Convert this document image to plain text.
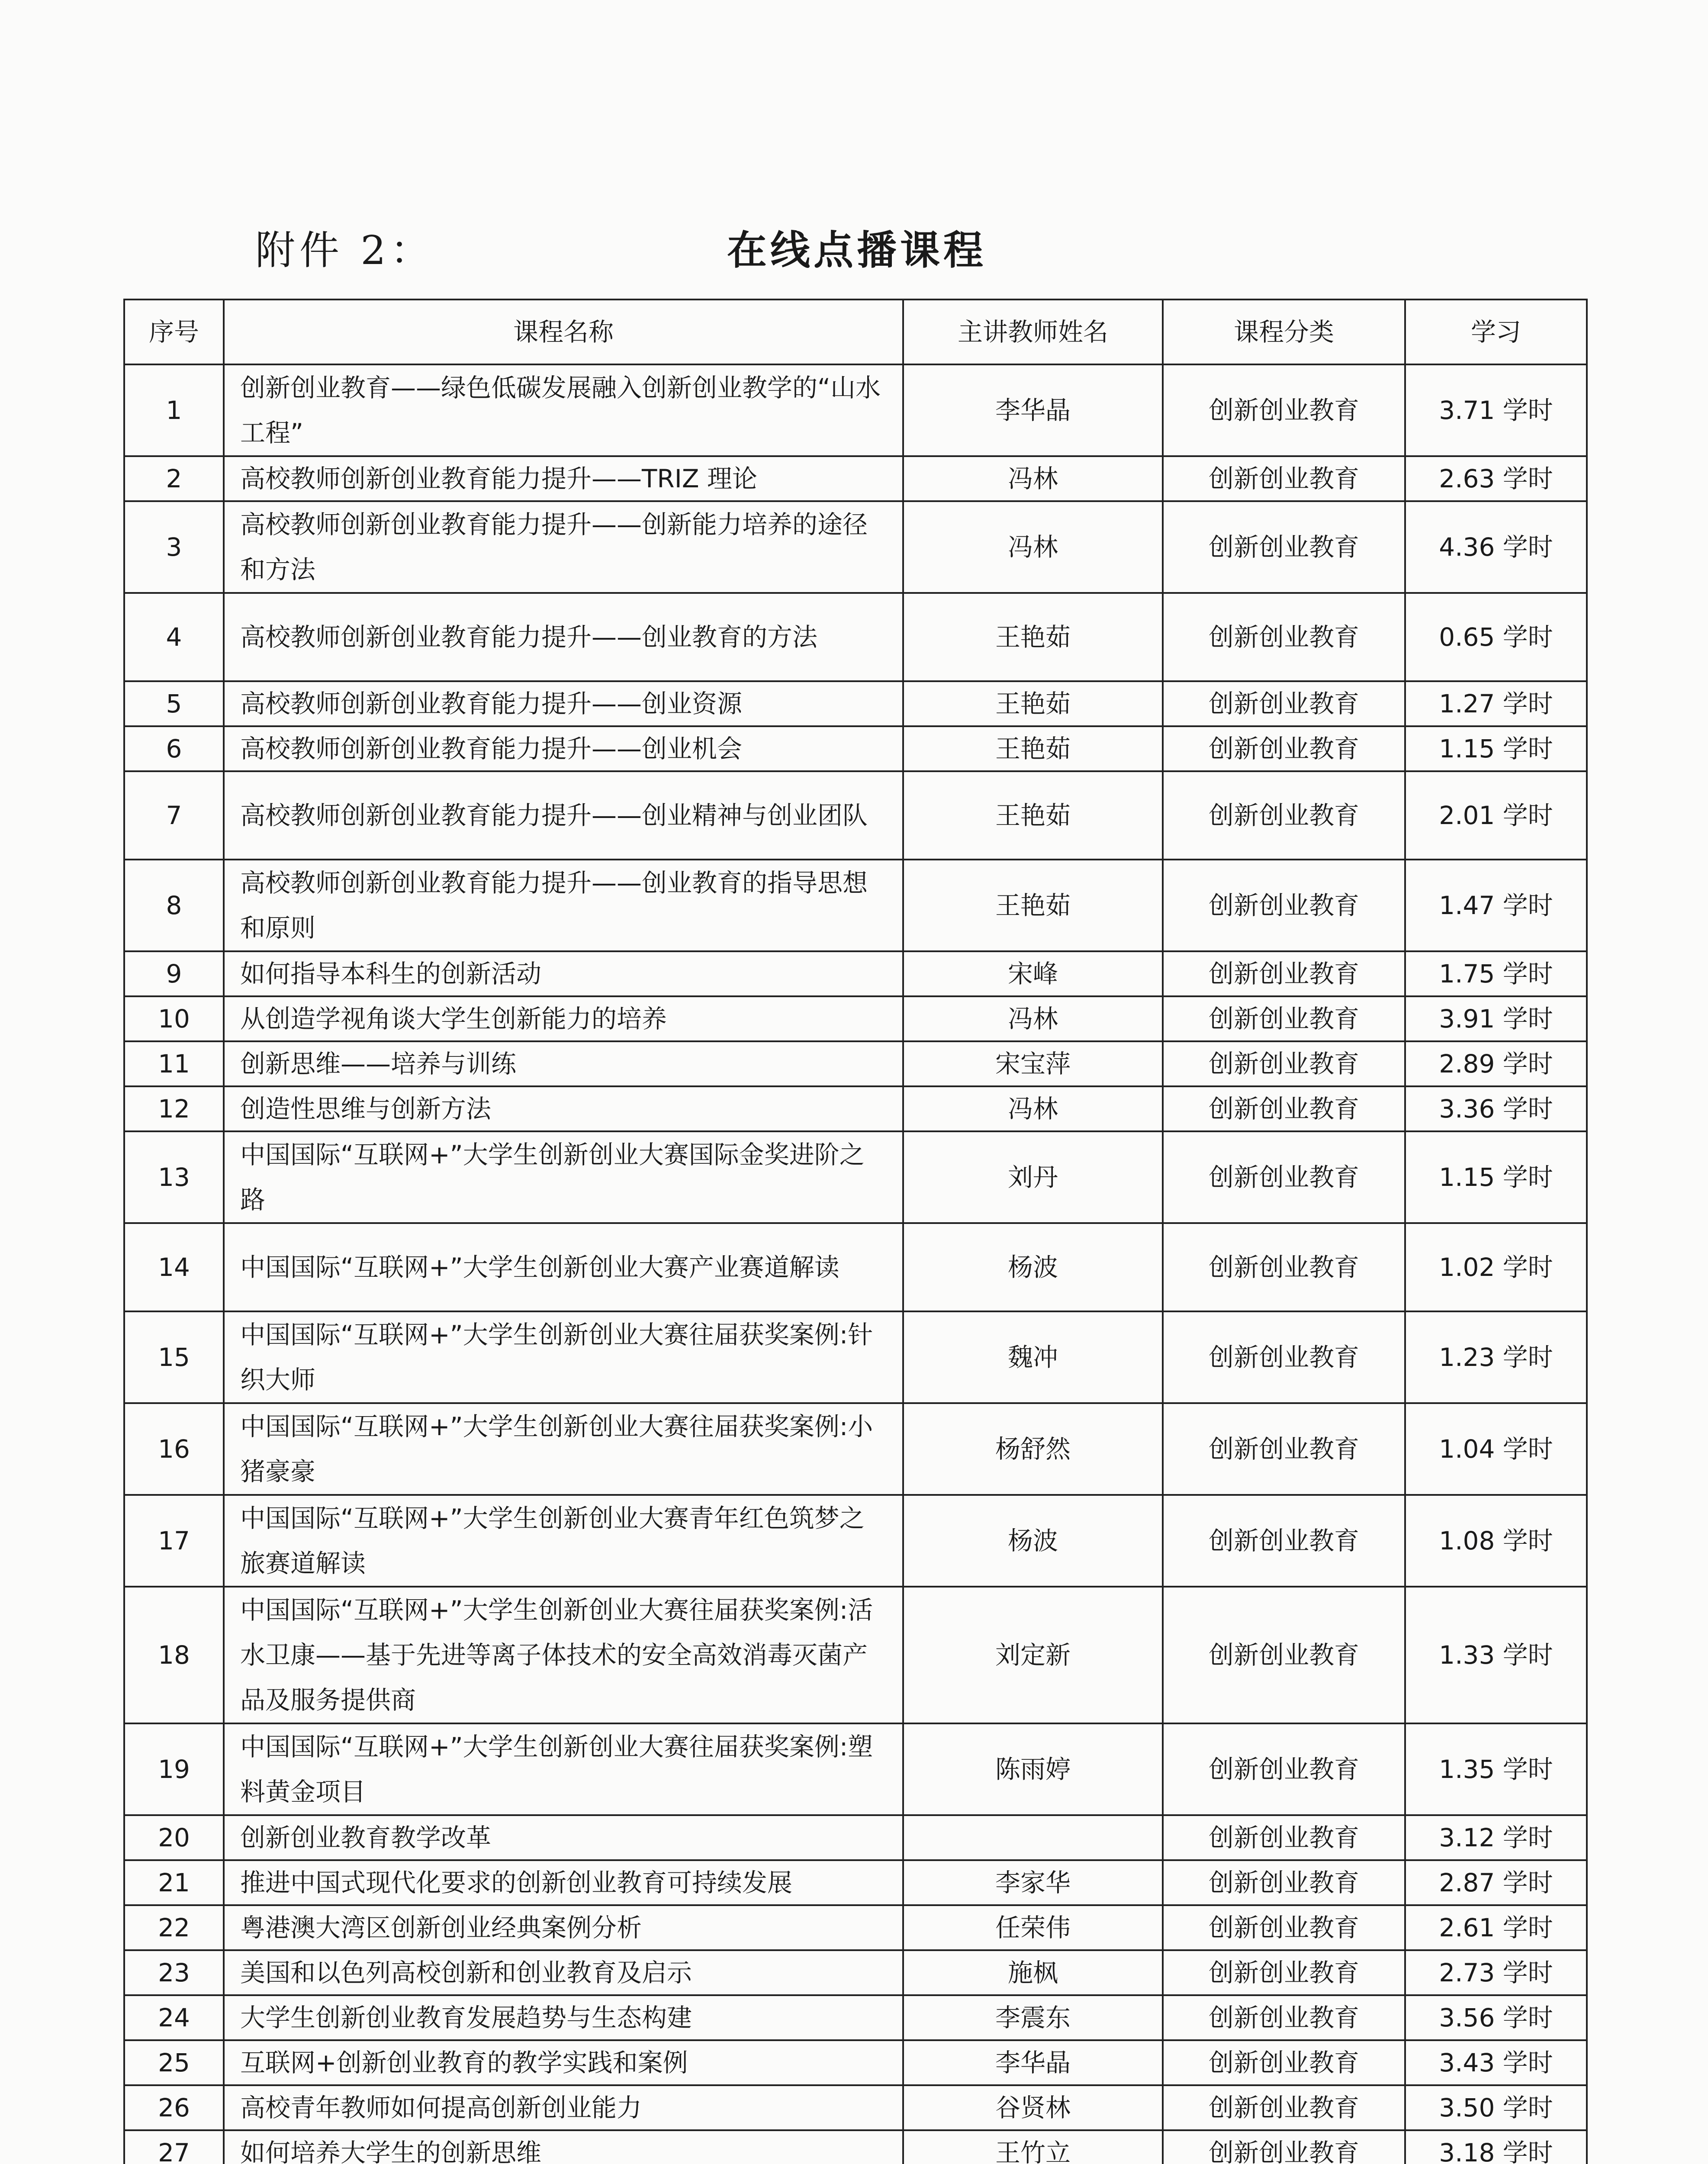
附件 2：	在线点播课程
序号	课程名称	主讲教师姓名	课程分类	学习
1	创新创业教育——绿色低碳发展融入创新创业教学的“山水工程”	李华晶	创新创业教育	3.71 学时
2	高校教师创新创业教育能力提升——TRIZ 理论	冯林	创新创业教育	2.63 学时
3	高校教师创新创业教育能力提升——创新能力培养的途径和方法	冯林	创新创业教育	4.36 学时
4	高校教师创新创业教育能力提升——创业教育的方法	王艳茹	创新创业教育	0.65 学时
5	高校教师创新创业教育能力提升——创业资源	王艳茹	创新创业教育	1.27 学时
6	高校教师创新创业教育能力提升——创业机会	王艳茹	创新创业教育	1.15 学时
7	高校教师创新创业教育能力提升——创业精神与创业团队	王艳茹	创新创业教育	2.01 学时
8	高校教师创新创业教育能力提升——创业教育的指导思想和原则	王艳茹	创新创业教育	1.47 学时
9	如何指导本科生的创新活动	宋峰	创新创业教育	1.75 学时
10	从创造学视角谈大学生创新能力的培养	冯林	创新创业教育	3.91 学时
11	创新思维——培养与训练	宋宝萍	创新创业教育	2.89 学时
12	创造性思维与创新方法	冯林	创新创业教育	3.36 学时
13	中国国际“互联网+”大学生创新创业大赛国际金奖进阶之路	刘丹	创新创业教育	1.15 学时
14	中国国际“互联网+”大学生创新创业大赛产业赛道解读	杨波	创新创业教育	1.02 学时
15	中国国际“互联网+”大学生创新创业大赛往届获奖案例:针织大师	魏冲	创新创业教育	1.23 学时
16	中国国际“互联网+”大学生创新创业大赛往届获奖案例:小猪豪豪	杨舒然	创新创业教育	1.04 学时
17	中国国际“互联网+”大学生创新创业大赛青年红色筑梦之旅赛道解读	杨波	创新创业教育	1.08 学时
18	中国国际“互联网+”大学生创新创业大赛往届获奖案例:活水卫康——基于先进等离子体技术的安全高效消毒灭菌产品及服务提供商	刘定新	创新创业教育	1.33 学时
19	中国国际“互联网+”大学生创新创业大赛往届获奖案例:塑料黄金项目	陈雨婷	创新创业教育	1.35 学时
20	创新创业教育教学改革		创新创业教育	3.12 学时
21	推进中国式现代化要求的创新创业教育可持续发展	李家华	创新创业教育	2.87 学时
22	粤港澳大湾区创新创业经典案例分析	任荣伟	创新创业教育	2.61 学时
23	美国和以色列高校创新和创业教育及启示	施枫	创新创业教育	2.73 学时
24	大学生创新创业教育发展趋势与生态构建	李震东	创新创业教育	3.56 学时
25	互联网+创新创业教育的教学实践和案例	李华晶	创新创业教育	3.43 学时
26	高校青年教师如何提高创新创业能力	谷贤林	创新创业教育	3.50 学时
27	如何培养大学生的创新思维	王竹立	创新创业教育	3.18 学时
